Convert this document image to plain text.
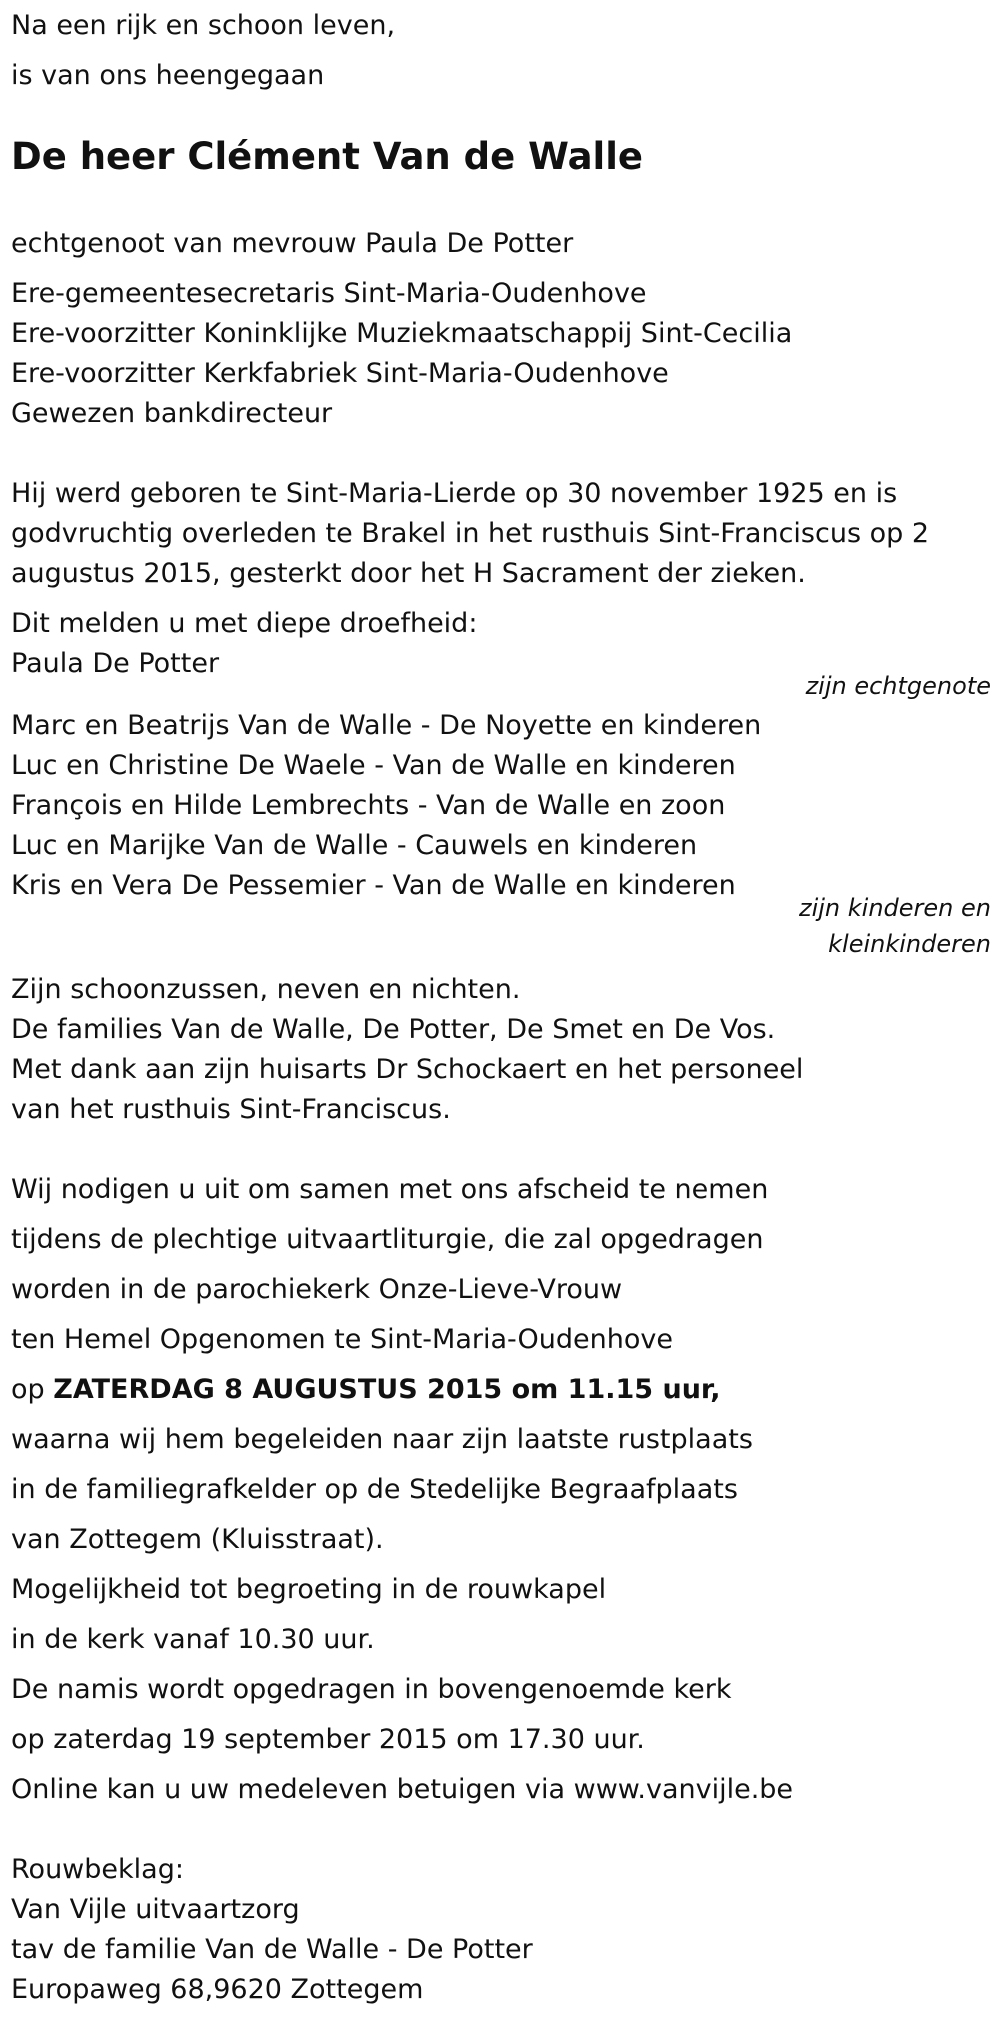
Na een rijk en schoon leven,
is van ons heengegaan
De heer Clément Van de Walle
echtgenoot van mevrouw Paula De Potter
Ere-gemeentesecretaris Sint-Maria-Oudenhove
Ere-voorzitter Koninklijke Muziekmaatschappij Sint-Cecilia
Ere-voorzitter Kerkfabriek Sint-Maria-Oudenhove
Gewezen bankdirecteur
Hij werd geboren te Sint-Maria-Lierde op 30 november 1925 en is
godvruchtig overleden te Brakel in het rusthuis Sint-Franciscus op 2
augustus 2015, gesterkt door het H Sacrament der zieken.
Dit melden u met diepe droefheid:
Paula De Potter
zijn echtgenote
Marc en Beatrijs Van de Walle - De Noyette en kinderen
Luc en Christine De Waele - Van de Walle en kinderen
François en Hilde Lembrechts - Van de Walle en zoon
Luc en Marijke Van de Walle - Cauwels en kinderen
Kris en Vera De Pessemier - Van de Walle en kinderen
zijn kinderen en
kleinkinderen
Zijn schoonzussen, neven en nichten.
De families Van de Walle, De Potter, De Smet en De Vos.
Met dank aan zijn huisarts Dr Schockaert en het personeel
van het rusthuis Sint-Franciscus.
Wij nodigen u uit om samen met ons afscheid te nemen
tijdens de plechtige uitvaartliturgie, die zal opgedragen
worden in de parochiekerk Onze-Lieve-Vrouw
ten Hemel Opgenomen te Sint-Maria-Oudenhove
op ZATERDAG 8 AUGUSTUS 2015 om 11.15 uur,
waarna wij hem begeleiden naar zijn laatste rustplaats
in de familiegrafkelder op de Stedelijke Begraafplaats
van Zottegem (Kluisstraat).
Mogelijkheid tot begroeting in de rouwkapel
in de kerk vanaf 10.30 uur.
De namis wordt opgedragen in bovengenoemde kerk
op zaterdag 19 september 2015 om 17.30 uur.
Online kan u uw medeleven betuigen via www.vanvijle.be
Rouwbeklag:
Van Vijle uitvaartzorg
tav de familie Van de Walle - De Potter
Europaweg 68,9620 Zottegem
